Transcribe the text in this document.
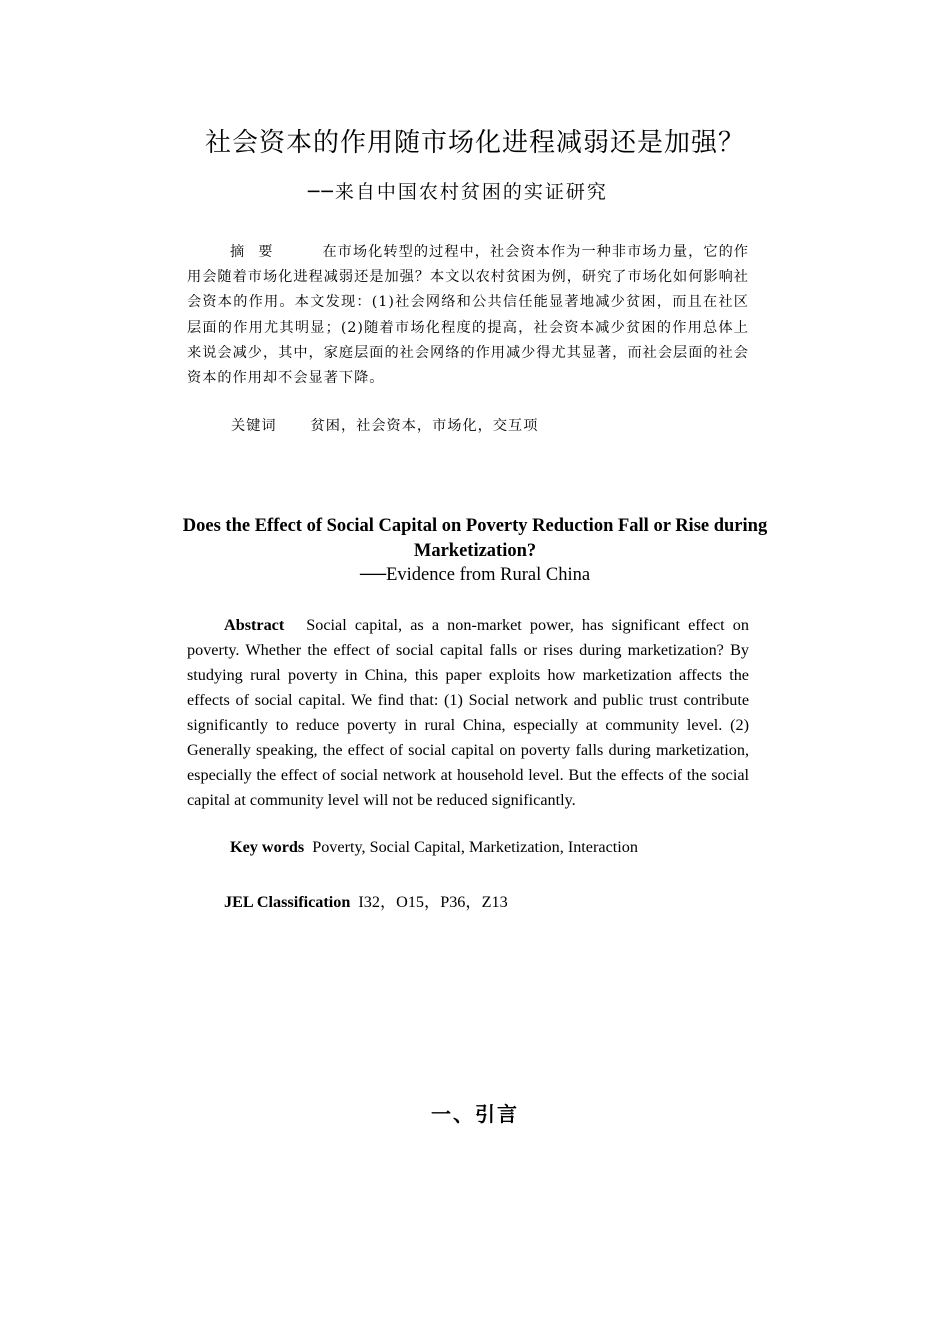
社会资本的作用随市场化进程减弱还是加强？
──来自中国农村贫困的实证研究
摘要	在市场化转型的过程中，社会资本作为一种非市场力量，它的作用会随着市场化进程减弱还是加强？本文以农村贫困为例，研究了市场化如何影响社会资本的作用。本文发现：(1)社会网络和公共信任能显著地减少贫困，而且在社区层面的作用尤其明显；(2)随着市场化程度的提高，社会资本减少贫困的作用总体上来说会减少，其中，家庭层面的社会网络的作用减少得尤其显著，而社会层面的社会资本的作用却不会显著下降。
关键词 贫困，社会资本，市场化，交互项
Does the Effect of Social Capital on Poverty Reduction Fall or Rise during Marketization?
──Evidence from Rural China
Abstract Social capital, as a non-market power, has significant effect on poverty. Whether the effect of social capital falls or rises during marketization? By studying rural poverty in China, this paper exploits how marketization affects the effects of social capital. We find that: (1) Social network and public trust contribute significantly to reduce poverty in rural China, especially at community level. (2) Generally speaking, the effect of social capital on poverty falls during marketization, especially the effect of social network at household level. But the effects of the social capital at community level will not be reduced significantly.
Key words Poverty, Social Capital, Marketization, Interaction
JEL Classification I32，O15，P36，Z13
一、引言
